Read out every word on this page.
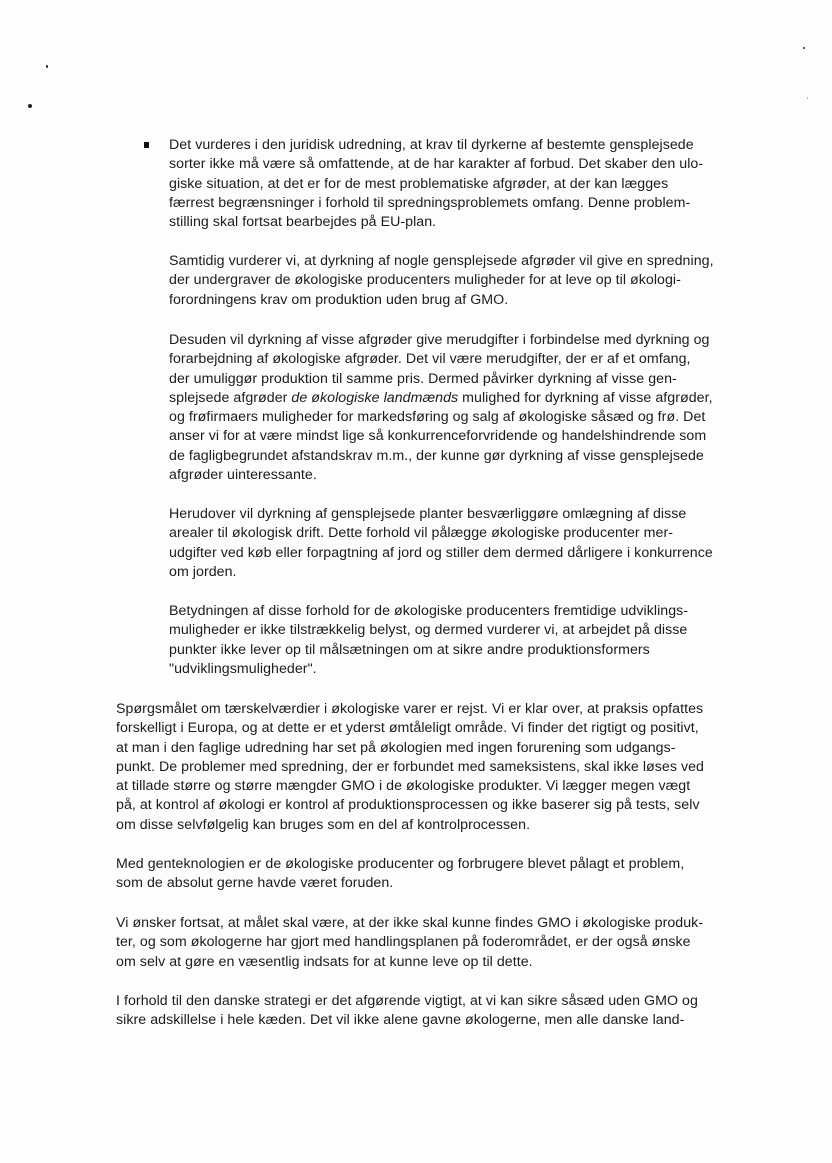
Det vurderes i den juridisk udredning, at krav til dyrkerne af bestemte gensplejsede
sorter ikke må være så omfattende, at de har karakter af forbud. Det skaber den ulo-
giske situation, at det er for de mest problematiske afgrøder, at der kan lægges
færrest begrænsninger i forhold til spredningsproblemets omfang. Denne problem-
stilling skal fortsat bearbejdes på EU-plan.
Samtidig vurderer vi, at dyrkning af nogle gensplejsede afgrøder vil give en spredning,
der undergraver de økologiske producenters muligheder for at leve op til økologi-
forordningens krav om produktion uden brug af GMO.
Desuden vil dyrkning af visse afgrøder give merudgifter i forbindelse med dyrkning og
forarbejdning af økologiske afgrøder. Det vil være merudgifter, der er af et omfang,
der umuliggør produktion til samme pris. Dermed påvirker dyrkning af visse gen-
splejsede afgrøder de økologiske landmænds mulighed for dyrkning af visse afgrøder,
og frøfirmaers muligheder for markedsføring og salg af økologiske såsæd og frø. Det
anser vi for at være mindst lige så konkurrenceforvridende og handelshindrende som
de fagligbegrundet afstandskrav m.m., der kunne gør dyrkning af visse gensplejsede
afgrøder uinteressante.
Herudover vil dyrkning af gensplejsede planter besværliggøre omlægning af disse
arealer til økologisk drift. Dette forhold vil pålægge økologiske producenter mer-
udgifter ved køb eller forpagtning af jord og stiller dem dermed dårligere i konkurrence
om jorden.
Betydningen af disse forhold for de økologiske producenters fremtidige udviklings-
muligheder er ikke tilstrækkelig belyst, og dermed vurderer vi, at arbejdet på disse
punkter ikke lever op til målsætningen om at sikre andre produktionsformers
"udviklingsmuligheder".
Spørgsmålet om tærskelværdier i økologiske varer er rejst. Vi er klar over, at praksis opfattes
forskelligt i Europa, og at dette er et yderst ømtåleligt område. Vi finder det rigtigt og positivt,
at man i den faglige udredning har set på økologien med ingen forurening som udgangs-
punkt. De problemer med spredning, der er forbundet med sameksistens, skal ikke løses ved
at tillade større og større mængder GMO i de økologiske produkter. Vi lægger megen vægt
på, at kontrol af økologi er kontrol af produktionsprocessen og ikke baserer sig på tests, selv
om disse selvfølgelig kan bruges som en del af kontrolprocessen.
Med genteknologien er de økologiske producenter og forbrugere blevet pålagt et problem,
som de absolut gerne havde været foruden.
Vi ønsker fortsat, at målet skal være, at der ikke skal kunne findes GMO i økologiske produk-
ter, og som økologerne har gjort med handlingsplanen på foderområdet, er der også ønske
om selv at gøre en væsentlig indsats for at kunne leve op til dette.
I forhold til den danske strategi er det afgørende vigtigt, at vi kan sikre såsæd uden GMO og
sikre adskillelse i hele kæden. Det vil ikke alene gavne økologerne, men alle danske land-
